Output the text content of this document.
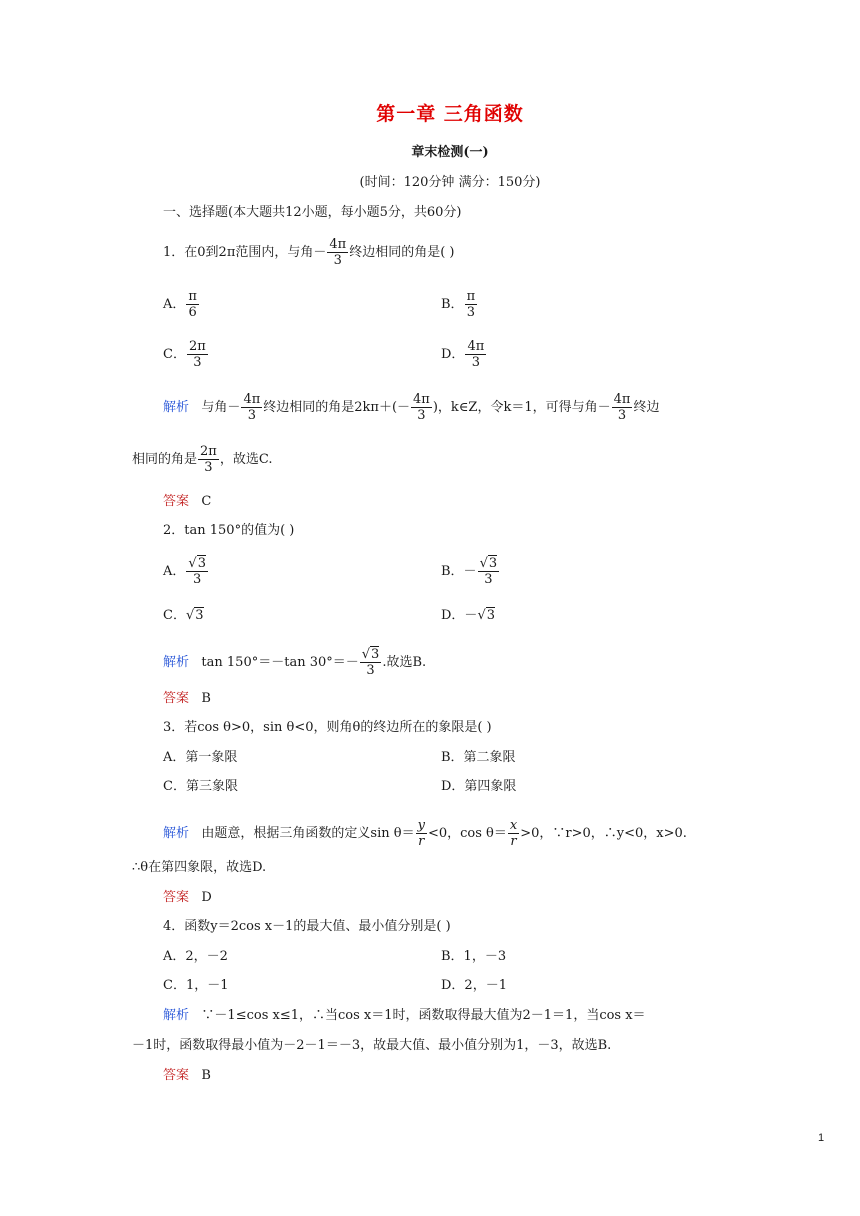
第一章 三角函数
章末检测(一)
(时间：120分钟 满分：150分)
一、选择题(本大题共12小题，每小题5分，共60分)
1．在0到2π范围内，与角－ $\frac{4\pi}{3}$ 终边相同的角是( )
A． $\frac{\pi}{6}$	B． $\frac{\pi}{3}$
C． $\frac{2\pi}{3}$	D． $\frac{4\pi}{3}$
解析 与角－ $\frac{4\pi}{3}$ 终边相同的角是$2k\pi+(- \frac{4\pi}{3}$ )，k∈Z，令k＝1，可得与角－ $\frac{4\pi}{3}$ 终边
相同的角是 $\frac{2\pi}{3}$ ，故选C.
答案 C
2．tan 150°的值为( )
A． $\frac{√3}{3}$	B．－ $\frac{√3}{3}$
C．√3	D．－√3
解析 tan 150°＝－tan $30^\circ=- \frac{√3}{3}$ .故选B.
答案 B
3．若cos θ>0，sin θ<0，则角θ的终边所在的象限是( )
A．第一象限	B．第二象限
C．第三象限	D．第四象限
解析 由题意，根据三角函数的定义$\sin \theta= \frac{y}{r} <0$，$\cos \theta= \frac{x}{r} >0$，∵r>0，∴y<0，x>0.
∴θ在第四象限，故选D.
答案 D
4．函数y＝2cos x－1的最大值、最小值分别是( )
A．2，－2	B．1，－3
C．1，－1	D．2，－1
解析 ∵－1≤cos x≤1，∴当cos x＝1时，函数取得最大值为2－1＝1，当cos x＝
－1时，函数取得最小值为－2－1＝－3，故最大值、最小值分别为1，－3，故选B.
答案 B
1
